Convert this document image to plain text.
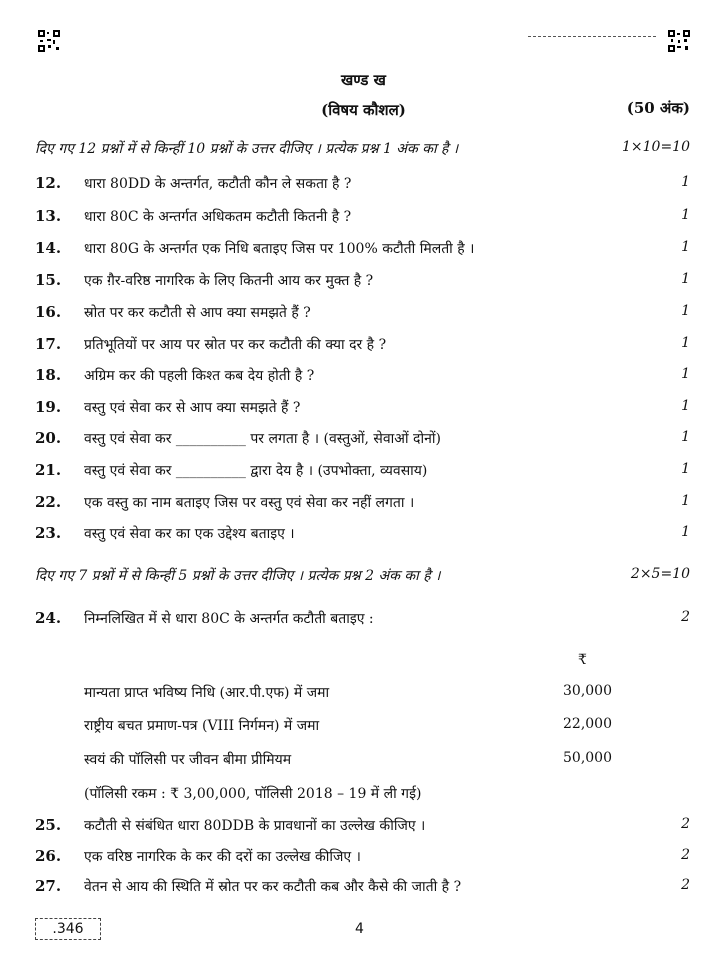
खण्ड ख
(विषय कौशल)	(50 अंक)
दिए गए 12 प्रश्नों में से किन्हीं 10 प्रश्नों के उत्तर दीजिए । प्रत्येक प्रश्न 1 अंक का है ।	1×10=10
12. धारा 80DD के अन्तर्गत, कटौती कौन ले सकता है ?	1
13. धारा 80C के अन्तर्गत अधिकतम कटौती कितनी है ?	1
14. धारा 80G के अन्तर्गत एक निधि बताइए जिस पर 100% कटौती मिलती है ।	1
15. एक ग़ैर-वरिष्ठ नागरिक के लिए कितनी आय कर मुक्त है ?	1
16. स्रोत पर कर कटौती से आप क्या समझते हैं ?	1
17. प्रतिभूतियों पर आय पर स्रोत पर कर कटौती की क्या दर है ?	1
18. अग्रिम कर की पहली किश्त कब देय होती है ?	1
19. वस्तु एवं सेवा कर से आप क्या समझते हैं ?	1
20. वस्तु एवं सेवा कर __________ पर लगता है । (वस्तुओं, सेवाओं दोनों)	1
21. वस्तु एवं सेवा कर __________ द्वारा देय है । (उपभोक्ता, व्यवसाय)	1
22. एक वस्तु का नाम बताइए जिस पर वस्तु एवं सेवा कर नहीं लगता ।	1
23. वस्तु एवं सेवा कर का एक उद्देश्य बताइए ।	1
दिए गए 7 प्रश्नों में से किन्हीं 5 प्रश्नों के उत्तर दीजिए । प्रत्येक प्रश्न 2 अंक का है ।	2×5=10
24. निम्नलिखित में से धारा 80C के अन्तर्गत कटौती बताइए :	2
₹
मान्यता प्राप्त भविष्य निधि (आर.पी.एफ) में जमा	30,000
राष्ट्रीय बचत प्रमाण-पत्र (VIII निर्गमन) में जमा	22,000
स्वयं की पॉलिसी पर जीवन बीमा प्रीमियम	50,000
(पॉलिसी रकम : ₹ 3,00,000, पॉलिसी 2018 – 19 में ली गई)
25. कटौती से संबंधित धारा 80DDB के प्रावधानों का उल्लेख कीजिए ।	2
26. एक वरिष्ठ नागरिक के कर की दरों का उल्लेख कीजिए ।	2
27. वेतन से आय की स्थिति में स्रोत पर कर कटौती कब और कैसे की जाती है ?	2
.346	4
